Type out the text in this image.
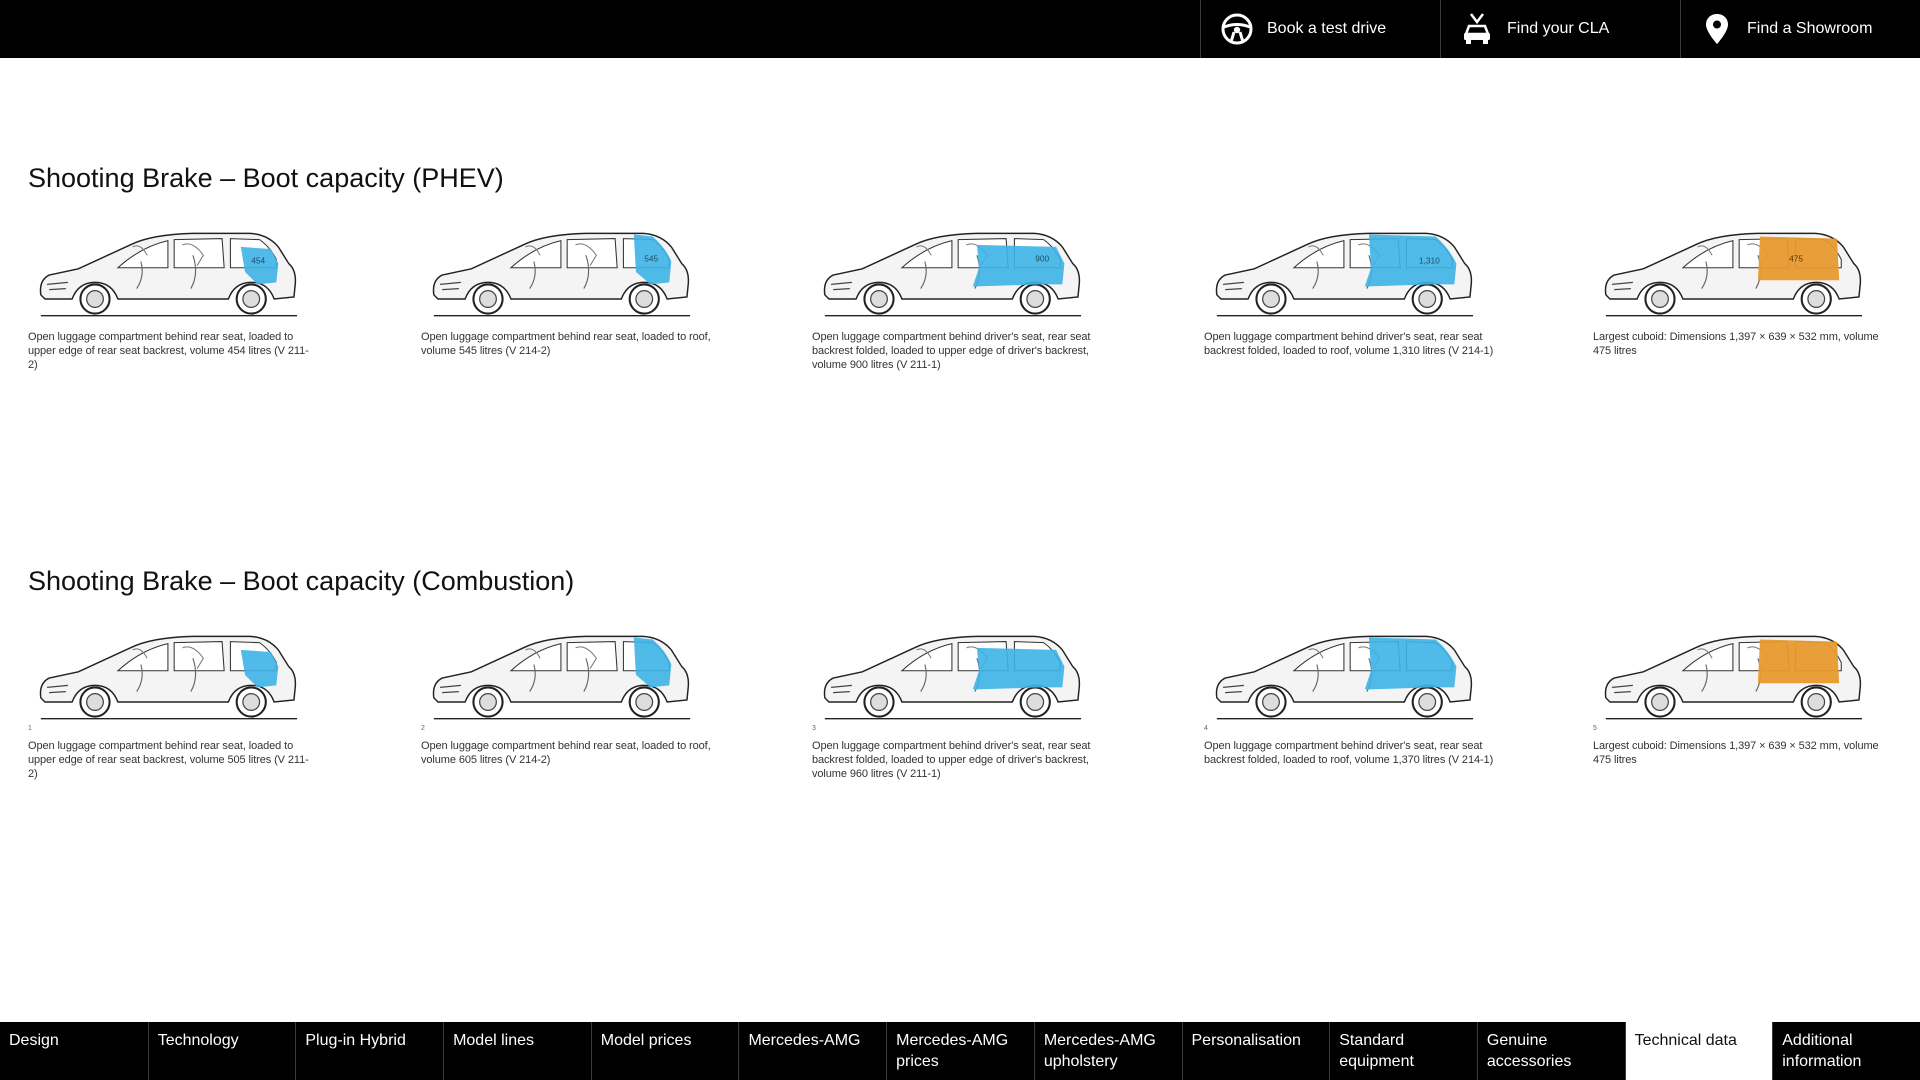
Book a test drive	Find your CLA	Find a Showroom
Shooting Brake – Boot capacity (PHEV)
454
Open luggage compartment behind rear seat, loaded to upper edge of rear seat backrest, volume 454 litres (V 211-2)
545
Open luggage compartment behind rear seat, loaded to roof, volume 545 litres (V 214-2)
900
Open luggage compartment behind driver's seat, rear seat backrest folded, loaded to upper edge of driver's backrest, volume 900 litres (V 211-1)
1,310
Open luggage compartment behind driver's seat, rear seat backrest folded, loaded to roof, volume 1,310 litres (V 214-1)
475
Largest cuboid: Dimensions 1,397 × 639 × 532 mm, volume 475 litres
Shooting Brake – Boot capacity (Combustion)
1
Open luggage compartment behind rear seat, loaded to upper edge of rear seat backrest, volume 505 litres (V 211-2)
2
Open luggage compartment behind rear seat, loaded to roof, volume 605 litres (V 214-2)
3
Open luggage compartment behind driver's seat, rear seat backrest folded, loaded to upper edge of driver's backrest, volume 960 litres (V 211-1)
4
Open luggage compartment behind driver's seat, rear seat backrest folded, loaded to roof, volume 1,370 litres (V 214-1)
5
Largest cuboid: Dimensions 1,397 × 639 × 532 mm, volume 475 litres
Design	Technology	Plug-in Hybrid	Model lines	Model prices	Mercedes-AMG	Mercedes-AMG prices
Mercedes-AMG upholstery
Personalisation	Standard equipment
Genuine accessories
Technical data	Additional information
